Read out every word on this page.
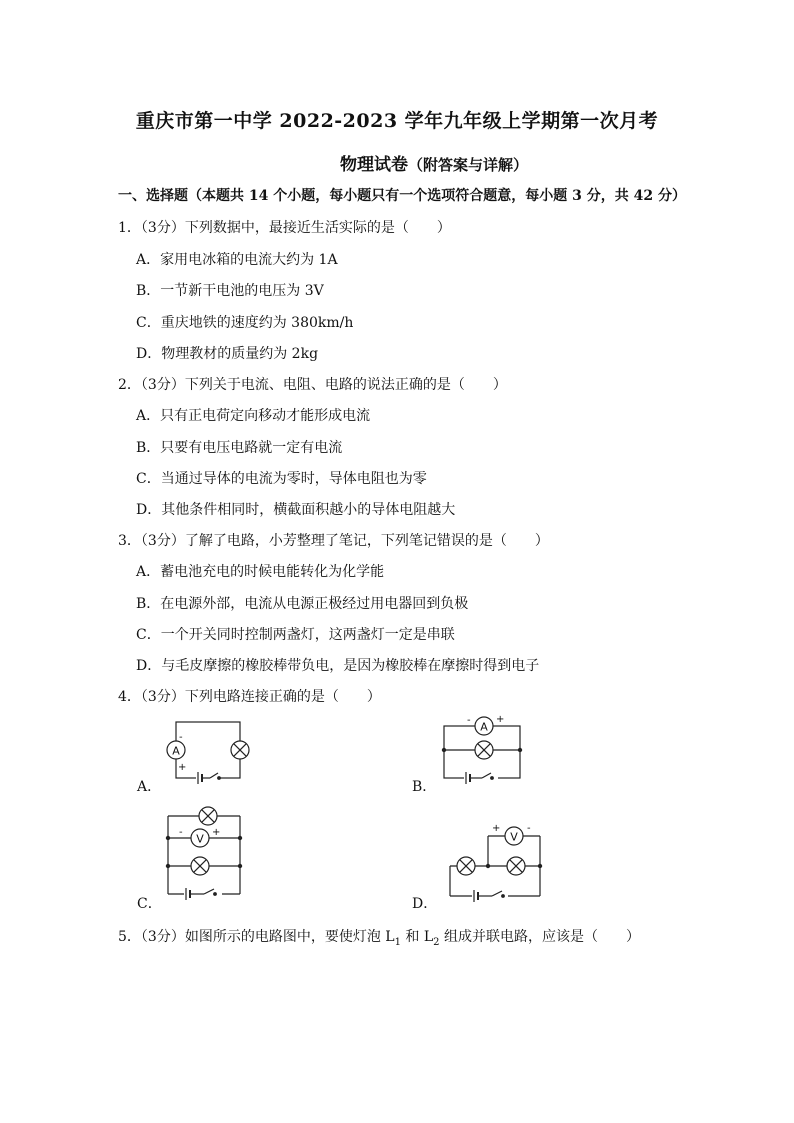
重庆市第一中学 2022-2023 学年九年级上学期第一次月考
物理试卷（附答案与详解）
一、选择题（本题共 14 个小题，每小题只有一个选项符合题意，每小题 3 分，共 42 分）
1．（3分）下列数据中，最接近生活实际的是（　　）
A．家用电冰箱的电流大约为 1A
B．一节新干电池的电压为 3V
C．重庆地铁的速度约为 380km/h
D．物理教材的质量约为 2kg
2．（3分）下列关于电流、电阻、电路的说法正确的是（　　）
A．只有正电荷定向移动才能形成电流
B．只要有电压电路就一定有电流
C．当通过导体的电流为零时，导体电阻也为零
D．其他条件相同时，横截面积越小的导体电阻越大
3．（3分）了解了电路，小芳整理了笔记，下列笔记错误的是（　　）
A．蓄电池充电的时候电能转化为化学能
B．在电源外部，电流从电源正极经过用电器回到负极
C．一个开关同时控制两盏灯，这两盏灯一定是串联
D．与毛皮摩擦的橡胶棒带负电，是因为橡胶棒在摩擦时得到电子
4．（3分）下列电路连接正确的是（　　）
A
-
+
A．
A
-	+
B．
V
-	+
C．
V
+	-
D．
5．（3分）如图所示的电路图中，要使灯泡 $L_1$ 和 $L_2$ 组成并联电路，应该是（　　）
